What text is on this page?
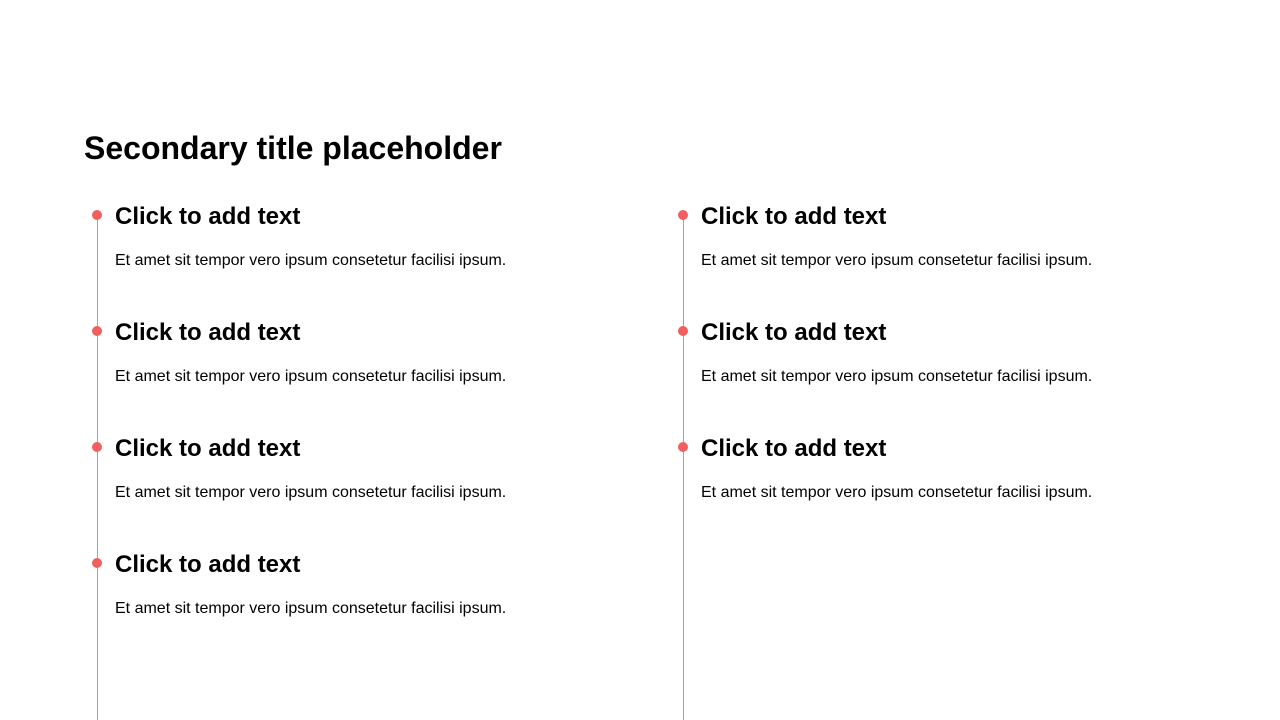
Secondary title placeholder
Click to add text

Et amet sit tempor vero ipsum consetetur facilisi ipsum.

Click to add text

Et amet sit tempor vero ipsum consetetur facilisi ipsum.

Click to add text

Et amet sit tempor vero ipsum consetetur facilisi ipsum.

Click to add text

Et amet sit tempor vero ipsum consetetur facilisi ipsum.

Click to add text

Et amet sit tempor vero ipsum consetetur facilisi ipsum.

Click to add text

Et amet sit tempor vero ipsum consetetur facilisi ipsum.

Click to add text

Et amet sit tempor vero ipsum consetetur facilisi ipsum.
